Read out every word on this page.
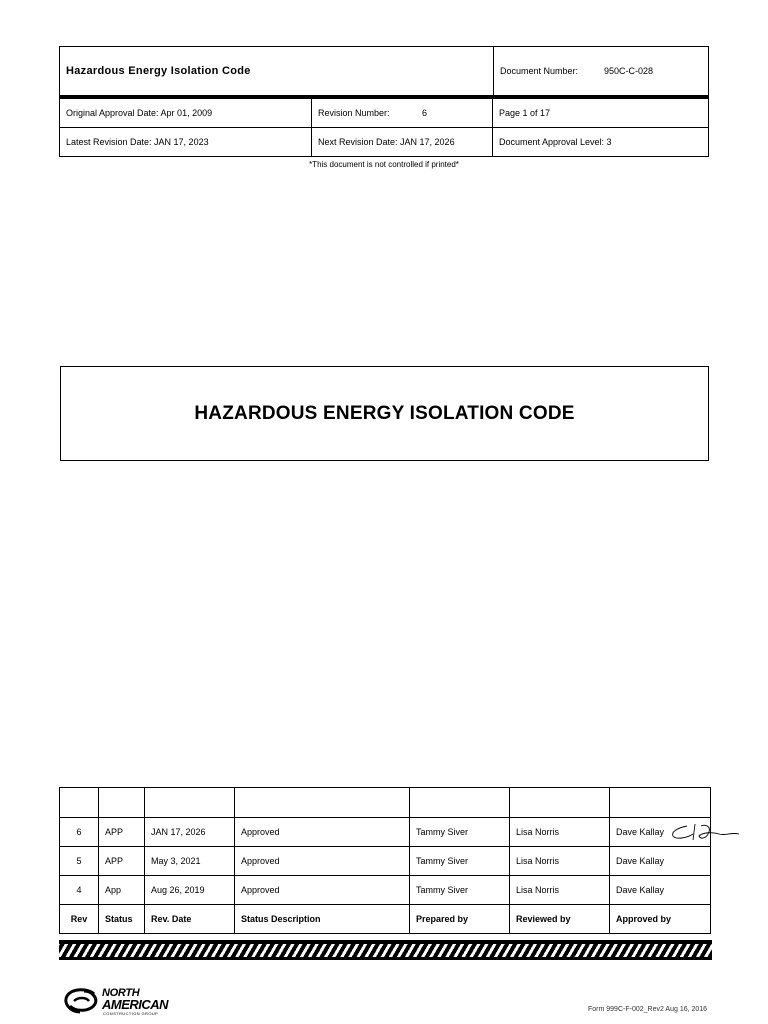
Hazardous Energy Isolation Code	Document Number:	950C-C-028
Original Approval Date: Apr 01, 2009	Revision Number: 6	Page 1 of 17
Latest Revision Date: JAN 17, 2023	Next Revision Date: JAN 17, 2026	Document Approval Level: 3
*This document is not controlled if printed*
HAZARDOUS ENERGY ISOLATION CODE

6	APP	JAN 17, 2026	Approved	Tammy Siver	Lisa Norris	Dave Kallay
5	APP	May 3, 2021	Approved	Tammy Siver	Lisa Norris	Dave Kallay
4	App	Aug 26, 2019	Approved	Tammy Siver	Lisa Norris	Dave Kallay
Rev	Status	Rev. Date	Status Description	Prepared by	Reviewed by	Approved by
NORTH
AMERICAN
CONSTRUCTION GROUP
Form 999C-F-002_Rev2 Aug 16, 2016
